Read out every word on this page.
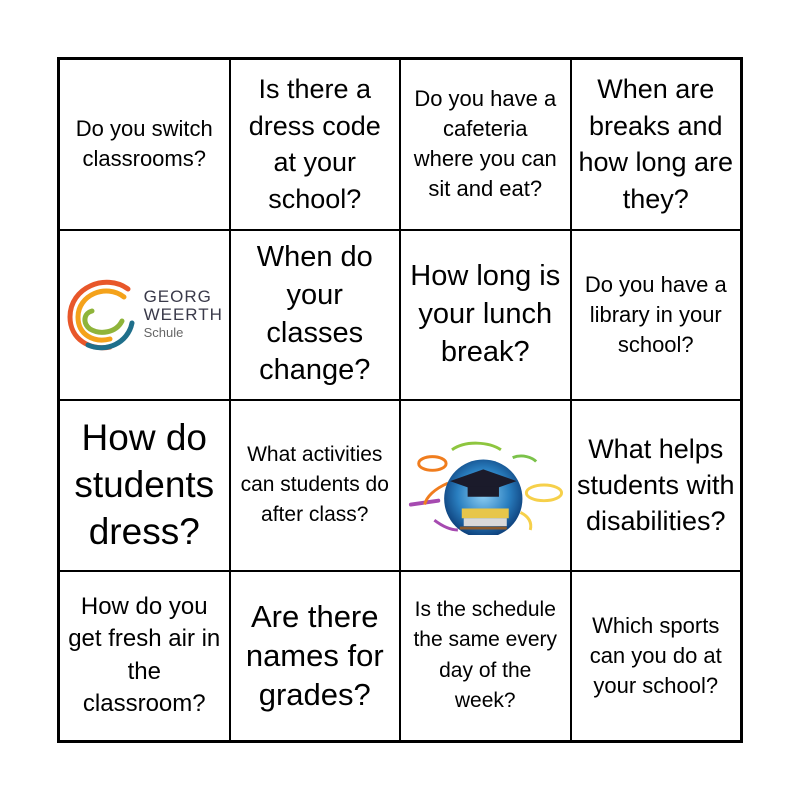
Do you switch classrooms?
Is there a dress code at your school?
Do you have a cafeteria where you can sit and eat?
When are breaks and how long are they?
GEORG
WEERTH
Schule
When do your classes change?
How long is your lunch break?
Do you have a library in your school?
How do students dress?
What activities can students do after class?
What helps students with disabilities?
How do you get fresh air in the classroom?
Are there names for grades?
Is the schedule the same every day of the week?
Which sports can you do at your school?
